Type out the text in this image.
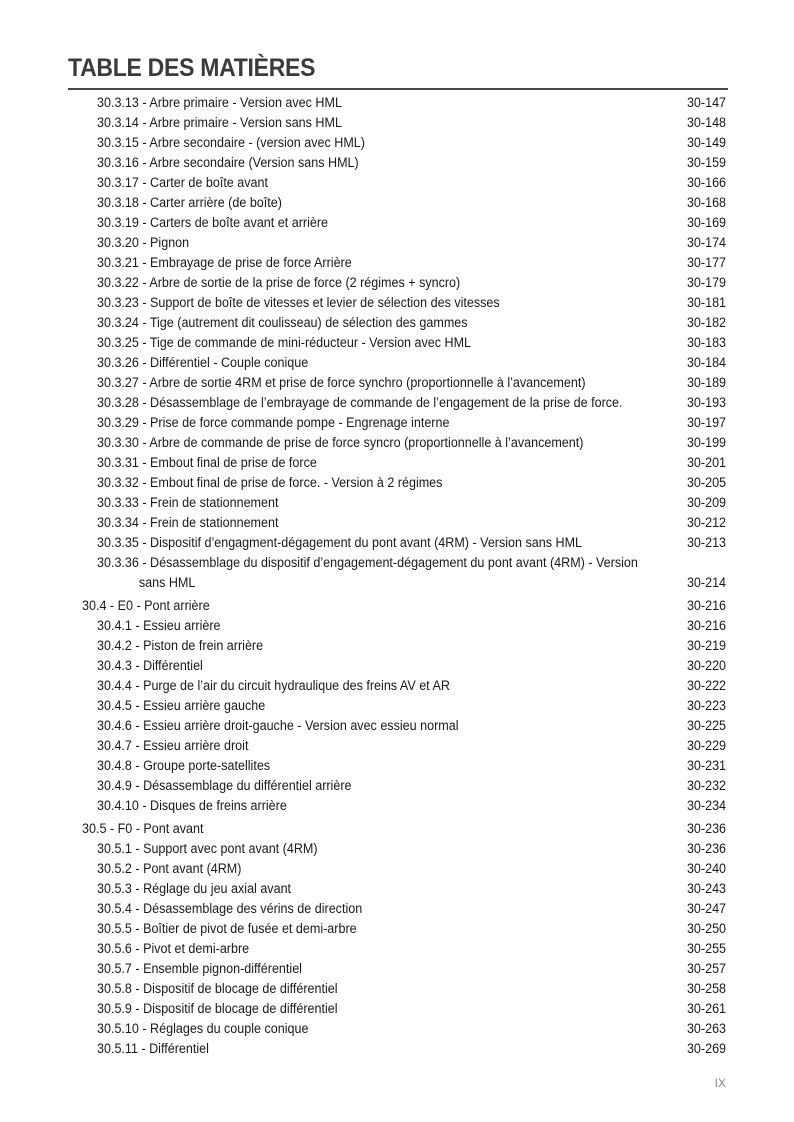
TABLE DES MATIÈRES
30.3.13 - Arbre primaire - Version avec HML	30-147
30.3.14 - Arbre primaire - Version sans HML	30-148
30.3.15 - Arbre secondaire - (version avec HML)	30-149
30.3.16 - Arbre secondaire (Version sans HML)	30-159
30.3.17 - Carter de boîte avant	30-166
30.3.18 - Carter arrière (de boîte)	30-168
30.3.19 - Carters de boîte avant et arrière	30-169
30.3.20 - Pignon	30-174
30.3.21 - Embrayage de prise de force Arrière	30-177
30.3.22 - Arbre de sortie de la prise de force (2 régimes + syncro)	30-179
30.3.23 - Support de boîte de vitesses et levier de sélection des vitesses	30-181
30.3.24 - Tige (autrement dit coulisseau) de sélection des gammes	30-182
30.3.25 - Tige de commande de mini-réducteur - Version avec HML	30-183
30.3.26 - Différentiel - Couple conique	30-184
30.3.27 - Arbre de sortie 4RM et prise de force synchro (proportionnelle à l’avancement)	30-189
30.3.28 - Désassemblage de l’embrayage de commande de l’engagement de la prise de force.	30-193
30.3.29 - Prise de force commande pompe - Engrenage interne	30-197
30.3.30 - Arbre de commande de prise de force syncro (proportionnelle à l’avancement)	30-199
30.3.31 - Embout final de prise de force	30-201
30.3.32 - Embout final de prise de force. - Version à 2 régimes	30-205
30.3.33 - Frein de stationnement	30-209
30.3.34 - Frein de stationnement	30-212
30.3.35 - Dispositif d’engagment-dégagement du pont avant (4RM) - Version sans HML	30-213
30.3.36 - Désassemblage du dispositif d’engagement-dégagement du pont avant (4RM) - Version
sans HML	30-214
30.4 - E0 - Pont arrière	30-216
30.4.1 - Essieu arrière	30-216
30.4.2 - Piston de frein arrière	30-219
30.4.3 - Différentiel	30-220
30.4.4 - Purge de l’air du circuit hydraulique des freins AV et AR	30-222
30.4.5 - Essieu arrière gauche	30-223
30.4.6 - Essieu arrière droit-gauche - Version avec essieu normal	30-225
30.4.7 - Essieu arrière droit	30-229
30.4.8 - Groupe porte-satellites	30-231
30.4.9 - Désassemblage du différentiel arrière	30-232
30.4.10 - Disques de freins arrière	30-234
30.5 - F0 - Pont avant	30-236
30.5.1 - Support avec pont avant (4RM)	30-236
30.5.2 - Pont avant (4RM)	30-240
30.5.3 - Réglage du jeu axial avant	30-243
30.5.4 - Désassemblage des vérins de direction	30-247
30.5.5 - Boîtier de pivot de fusée et demi-arbre	30-250
30.5.6 - Pivot et demi-arbre	30-255
30.5.7 - Ensemble pignon-différentiel	30-257
30.5.8 - Dispositif de blocage de différentiel	30-258
30.5.9 - Dispositif de blocage de différentiel	30-261
30.5.10 - Réglages du couple conique	30-263
30.5.11 - Différentiel	30-269
IX
